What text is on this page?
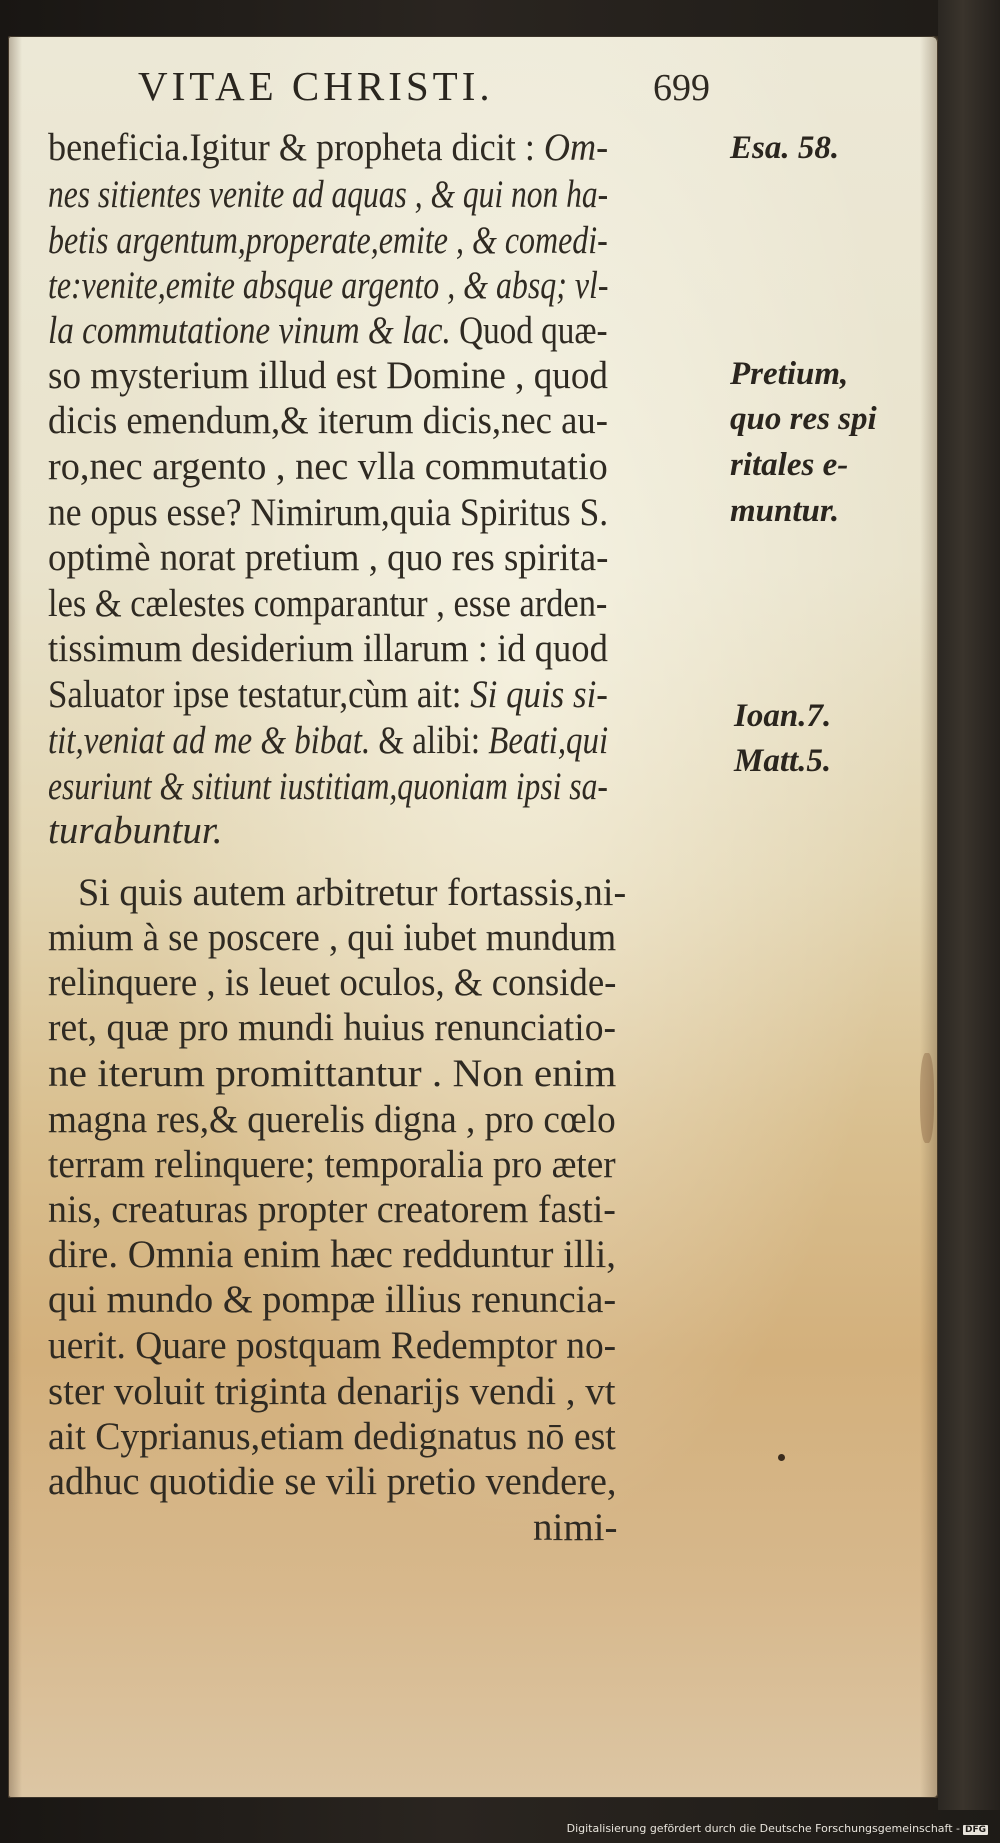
VITAE CHRISTI.	699
beneficia.Igitur & propheta dicit : Om-
nes sitientes venite ad aquas , & qui non ha-
betis argentum,properate,emite , & comedi-
te:venite,emite absque argento , & absq; vl-
la commutatione vinum & lac. Quod quæ-
so mysterium illud est Domine , quod
dicis emendum,& iterum dicis,nec au-
ro,nec argento , nec vlla commutatio
ne opus esse? Nimirum,quia Spiritus S.
optimè norat pretium , quo res spirita-
les & cælestes comparantur , esse arden-
tissimum desiderium illarum : id quod
Saluator ipse testatur,cùm ait: Si quis si-
tit,veniat ad me & bibat. & alibi: Beati,qui
esuriunt & sitiunt iustitiam,quoniam ipsi sa-
turabuntur.
Si quis autem arbitretur fortassis,ni-
mium à se poscere , qui iubet mundum
relinquere , is leuet oculos, & conside-
ret, quæ pro mundi huius renunciatio-
ne iterum promittantur . Non enim
magna res,& querelis digna , pro cœlo
terram relinquere; temporalia pro æter
nis, creaturas propter creatorem fasti-
dire. Omnia enim hæc redduntur illi,
qui mundo & pompæ illius renuncia-
uerit. Quare postquam Redemptor no-
ster voluit triginta denarijs vendi , vt
ait Cyprianus,etiam dedignatus nō est
adhuc quotidie se vili pretio vendere,
nimi-
Esa. 58.
Pretium,
quo res spi
ritales e-
muntur.
Ioan.7.
Matt.5.
Digitalisierung gefördert durch die Deutsche Forschungsgemeinschaft - DFG
